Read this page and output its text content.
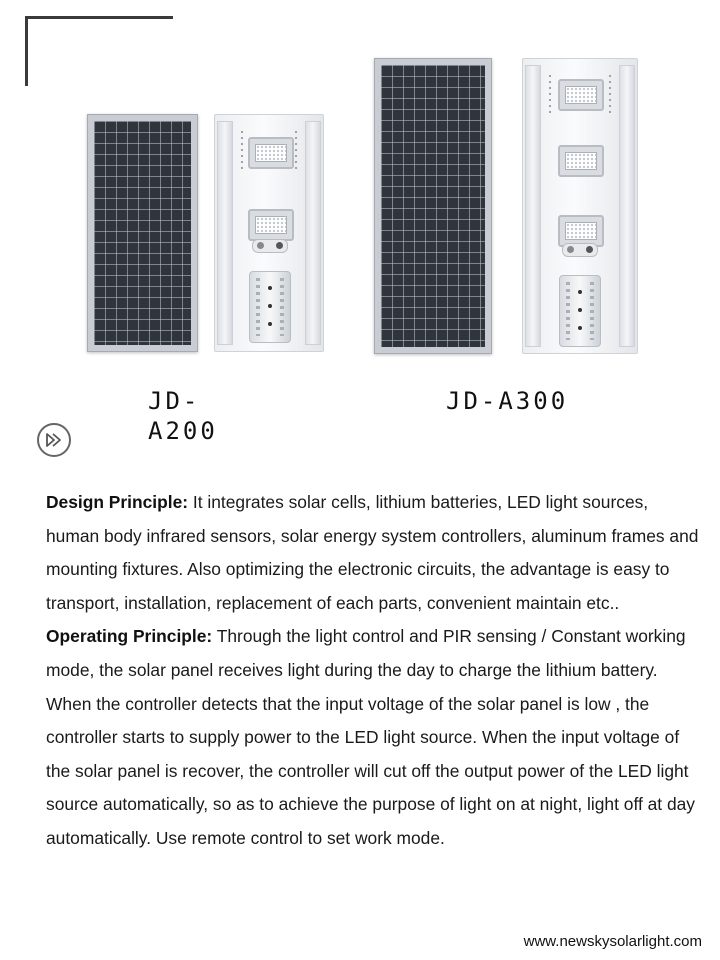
JD-
A200

JD-A300

Design Principle: It integrates solar cells, lithium batteries, LED light sources, human body infrared sensors, solar energy system controllers, aluminum frames and mounting fixtures. Also optimizing the electronic circuits, the advantage is easy to transport, installation, replacement of each parts, convenient maintain etc..

Operating Principle: Through the light control and PIR sensing / Constant working mode, the solar panel receives light during the day to charge the lithium battery. When the controller detects that the input voltage of the solar panel is low , the controller starts to supply power to the LED light source. When the input voltage of the solar panel is recover, the controller will cut off the output power of the LED light source automatically, so as to achieve the purpose of light on at night, light off at day automatically. Use remote control to set work mode.

www.newskysolarlight.com
